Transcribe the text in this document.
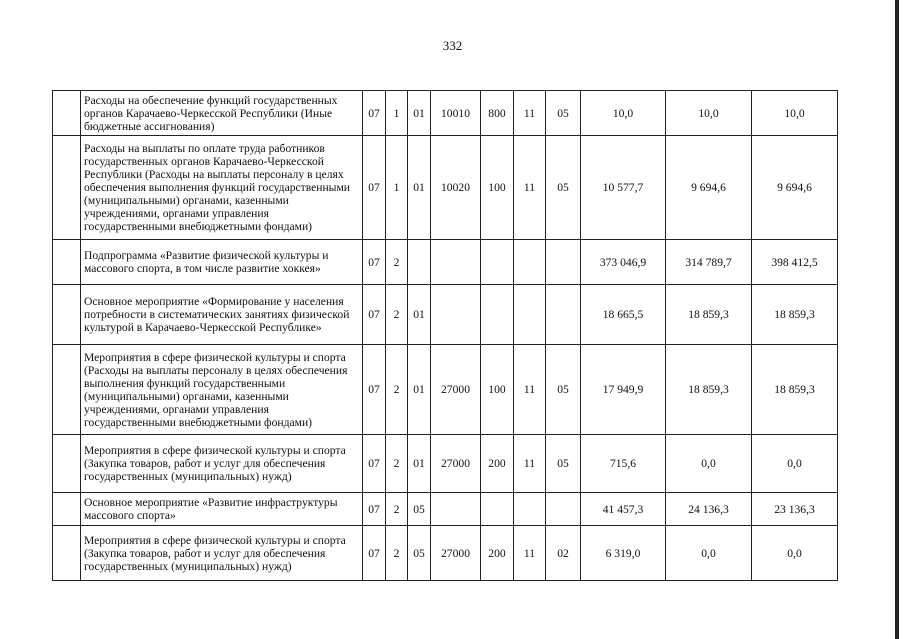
332
	Расходы на обеспечение функций государственных органов Карачаево-Черкесской Республики (Иные бюджетные ассигнования)	07	1	01	10010	800	11	05	10,0	10,0	10,0
	Расходы на выплаты по оплате труда работников государственных органов Карачаево-Черкесской Республики (Расходы на выплаты персоналу в целях обеспечения выполнения функций государственными (муниципальными) органами, казенными учреждениями, органами управления государственными внебюджетными фондами)	07	1	01	10020	100	11	05	10 577,7	9 694,6	9 694,6
	Подпрограмма «Развитие физической культуры и массового спорта, в том числе развитие хоккея»	07	2						373 046,9	314 789,7	398 412,5
	Основное мероприятие «Формирование у населения потребности в систематических занятиях физической культурой в Карачаево-Черкесской Республике»	07	2	01					18 665,5	18 859,3	18 859,3
	Мероприятия в сфере физической культуры и спорта (Расходы на выплаты персоналу в целях обеспечения выполнения функций государственными (муниципальными) органами, казенными учреждениями, органами управления государственными внебюджетными фондами)	07	2	01	27000	100	11	05	17 949,9	18 859,3	18 859,3
	Мероприятия в сфере физической культуры и спорта (Закупка товаров, работ и услуг для обеспечения государственных (муниципальных) нужд)	07	2	01	27000	200	11	05	715,6	0,0	0,0
	Основное мероприятие «Развитие инфраструктуры массового спорта»	07	2	05					41 457,3	24 136,3	23 136,3
	Мероприятия в сфере физической культуры и спорта (Закупка товаров, работ и услуг для обеспечения государственных (муниципальных) нужд)	07	2	05	27000	200	11	02	6 319,0	0,0	0,0
